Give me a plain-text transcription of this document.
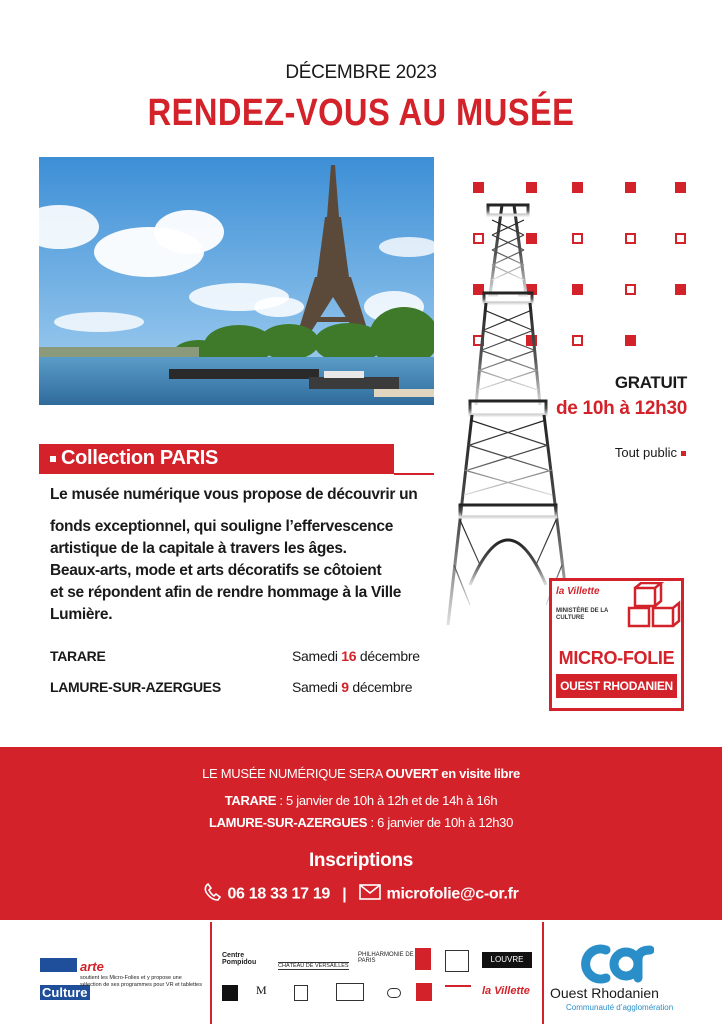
DÉCEMBRE 2023
RENDEZ-VOUS AU MUSÉE
GRATUIT
de 10h à 12h30
Tout public
Collection PARIS
Le musée numérique vous propose de découvrir un
fonds exceptionnel, qui souligne l’effervescence
artistique de la capitale à travers les âges.
Beaux-arts, mode et arts décoratifs se côtoient
et se répondent afin de rendre hommage à la Ville
Lumière.
TARARE	Samedi 16 décembre
LAMURE-SUR-AZERGUES	Samedi 9 décembre
la Villette
MINISTÈRE DE LA CULTURE
MICRO-FOLIE
OUEST RHODANIEN
LE MUSÉE NUMÉRIQUE SERA OUVERT en visite libre
TARARE : 5 janvier de 10h à 12h et de 14h à 16h
LAMURE-SUR-AZERGUES : 6 janvier de 10h à 12h30
Inscriptions
06 18 33 17 19 |	microfolie@c-or.fr
Culture
arte
soutient les Micro-Folies et y propose une sélection de ses programmes pour VR et tablettes
Centre Pompidou	CHÂTEAU DE VERSAILLES
PHILHARMONIE DE PARIS	LOUVRE
M	la Villette Ouest Rhodanien
Communauté d’agglomération
